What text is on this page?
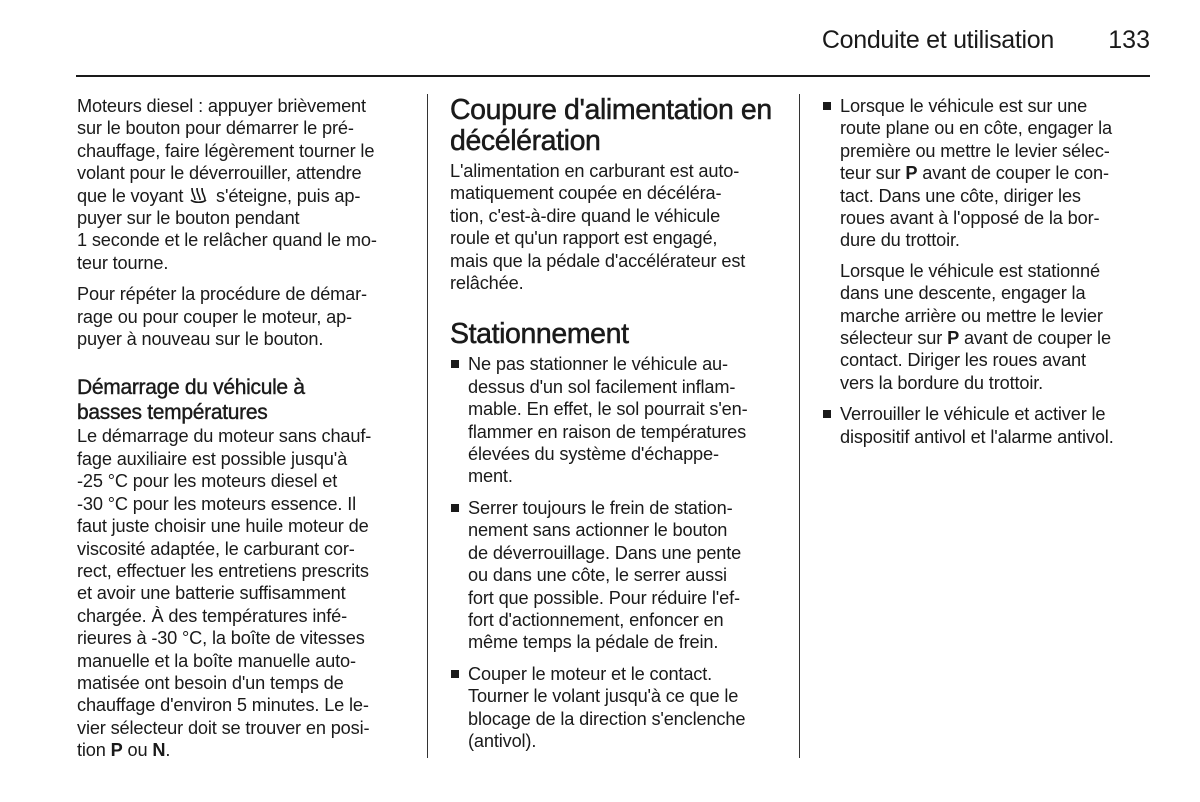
Conduite et utilisation 133
Moteurs diesel : appuyer brièvement
sur le bouton pour démarrer le pré-
chauffage, faire légèrement tourner le
volant pour le déverrouiller, attendre
que le voyant  s'éteigne, puis ap-
puyer sur le bouton pendant
1 seconde et le relâcher quand le mo-
teur tourne.
Pour répéter la procédure de démar-
rage ou pour couper le moteur, ap-
puyer à nouveau sur le bouton.
Démarrage du véhicule à
basses températures
Le démarrage du moteur sans chauf-
fage auxiliaire est possible jusqu'à
-25 °C pour les moteurs diesel et
-30 °C pour les moteurs essence. Il
faut juste choisir une huile moteur de
viscosité adaptée, le carburant cor-
rect, effectuer les entretiens prescrits
et avoir une batterie suffisamment
chargée. À des températures infé-
rieures à -30 °C, la boîte de vitesses
manuelle et la boîte manuelle auto-
matisée ont besoin d'un temps de
chauffage d'environ 5 minutes. Le le-
vier sélecteur doit se trouver en posi-
tion P ou N.
Coupure d'alimentation en
décélération
L'alimentation en carburant est auto-
matiquement coupée en décéléra-
tion, c'est-à-dire quand le véhicule
roule et qu'un rapport est engagé,
mais que la pédale d'accélérateur est
relâchée.
Stationnement
Ne pas stationner le véhicule au-
dessus d'un sol facilement inflam-
mable. En effet, le sol pourrait s'en-
flammer en raison de températures
élevées du système d'échappe-
ment.
Serrer toujours le frein de station-
nement sans actionner le bouton
de déverrouillage. Dans une pente
ou dans une côte, le serrer aussi
fort que possible. Pour réduire l'ef-
fort d'actionnement, enfoncer en
même temps la pédale de frein.
Couper le moteur et le contact.
Tourner le volant jusqu'à ce que le
blocage de la direction s'enclenche
(antivol).
Lorsque le véhicule est sur une
route plane ou en côte, engager la
première ou mettre le levier sélec-
teur sur P avant de couper le con-
tact. Dans une côte, diriger les
roues avant à l'opposé de la bor-
dure du trottoir.
Lorsque le véhicule est stationné
dans une descente, engager la
marche arrière ou mettre le levier
sélecteur sur P avant de couper le
contact. Diriger les roues avant
vers la bordure du trottoir.
Verrouiller le véhicule et activer le
dispositif antivol et l'alarme antivol.
